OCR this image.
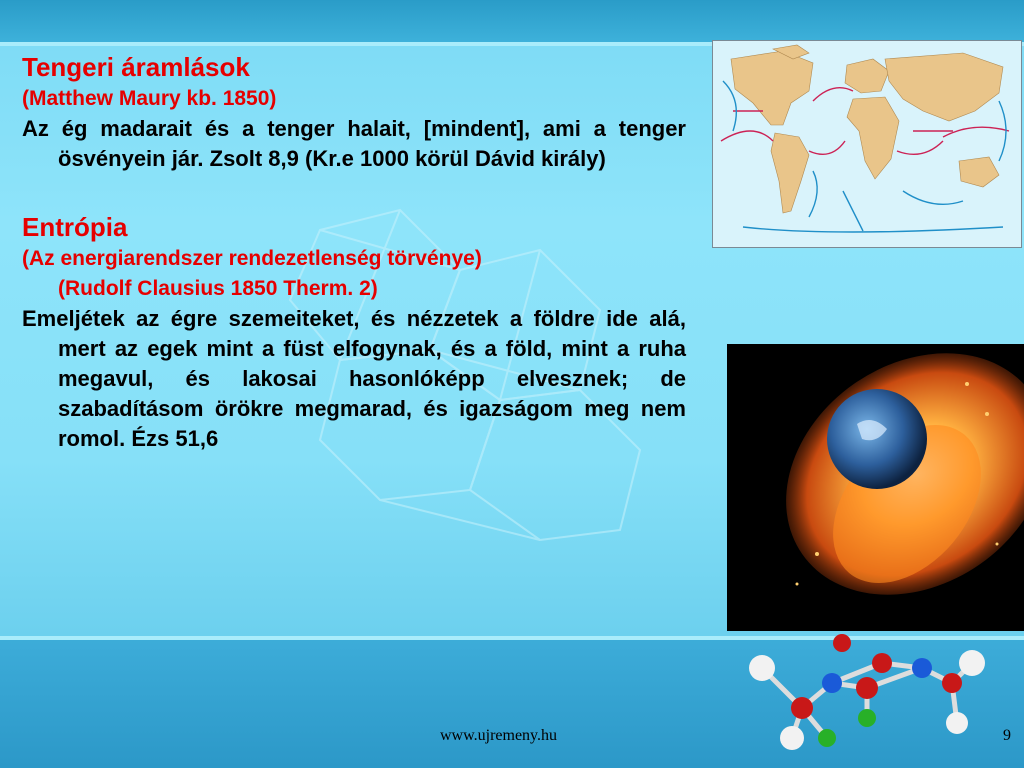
Tengeri áramlások
(Matthew Maury kb. 1850)
Az ég madarait és a tenger halait, [mindent], ami a tenger ösvényein jár. Zsolt 8,9 (Kr.e 1000 körül Dávid király)
Entrópia
(Az energiarendszer rendezetlenség törvénye)
(Rudolf Clausius 1850 Therm. 2)
Emeljétek az égre szemeiteket, és nézzetek a földre ide alá, mert az egek mint a füst elfogynak, és a föld, mint a ruha megavul, és lakosai hasonlóképp elvesznek; de szabadításom örökre megmarad, és igazságom meg nem romol. Ézs 51,6
www.ujremeny.hu	9
